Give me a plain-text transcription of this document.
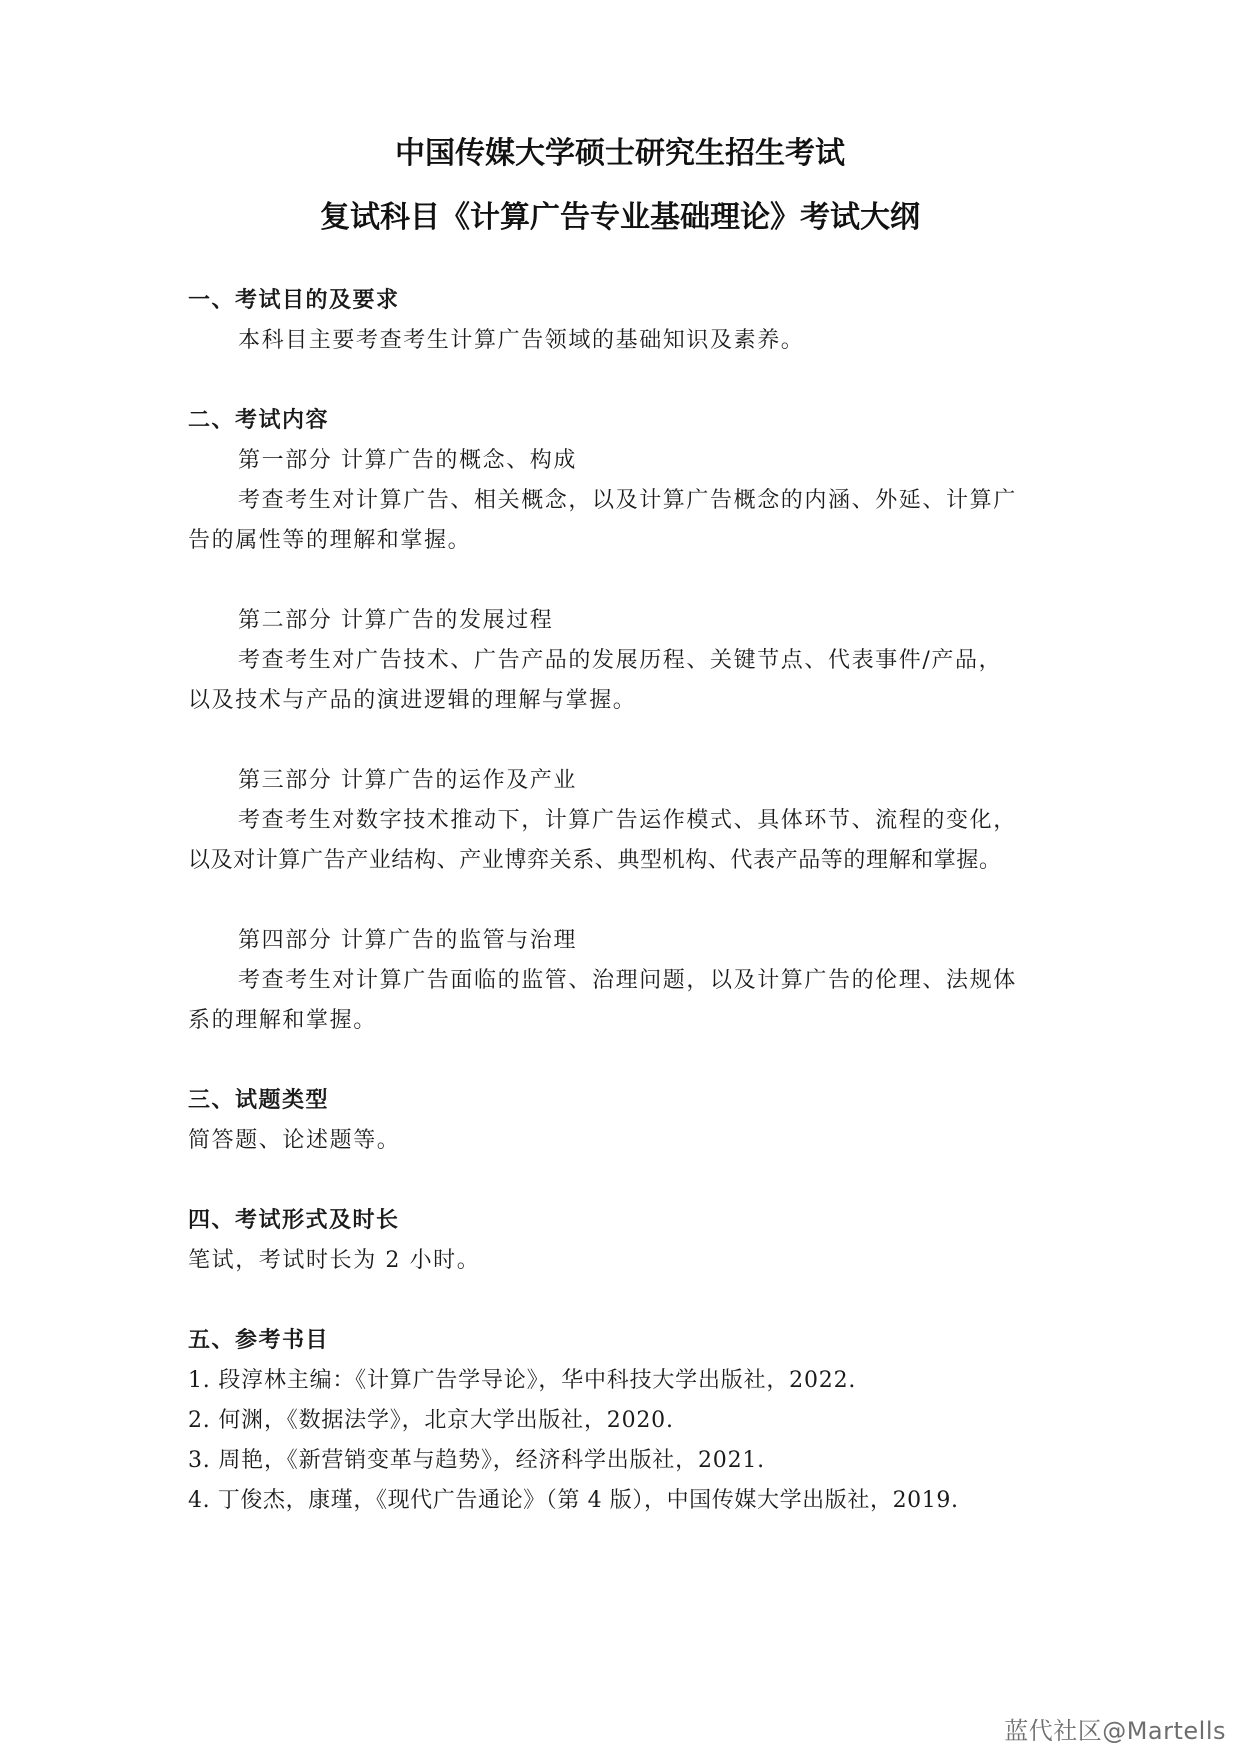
中国传媒大学硕士研究生招生考试
复试科目《计算广告专业基础理论》考试大纲
一、考试目的及要求
本科目主要考查考生计算广告领域的基础知识及素养。
二、考试内容
第一部分 计算广告的概念、构成
考查考生对计算广告、相关概念，以及计算广告概念的内涵、外延、计算广
告的属性等的理解和掌握。
第二部分 计算广告的发展过程
考查考生对广告技术、广告产品的发展历程、关键节点、代表事件/产品，
以及技术与产品的演进逻辑的理解与掌握。
第三部分 计算广告的运作及产业
考查考生对数字技术推动下，计算广告运作模式、具体环节、流程的变化，
以及对计算广告产业结构、产业博弈关系、典型机构、代表产品等的理解和掌握。
第四部分 计算广告的监管与治理
考查考生对计算广告面临的监管、治理问题，以及计算广告的伦理、法规体
系的理解和掌握。
三、试题类型
简答题、论述题等。
四、考试形式及时长
笔试，考试时长为 2 小时。
五、参考书目
1. 段淳林主编：《计算广告学导论》，华中科技大学出版社，2022.
2. 何渊，《数据法学》，北京大学出版社，2020.
3. 周艳，《新营销变革与趋势》，经济科学出版社，2021.
4. 丁俊杰，康瑾，《现代广告通论》（第 4 版），中国传媒大学出版社，2019.
蓝代社区@Martells
